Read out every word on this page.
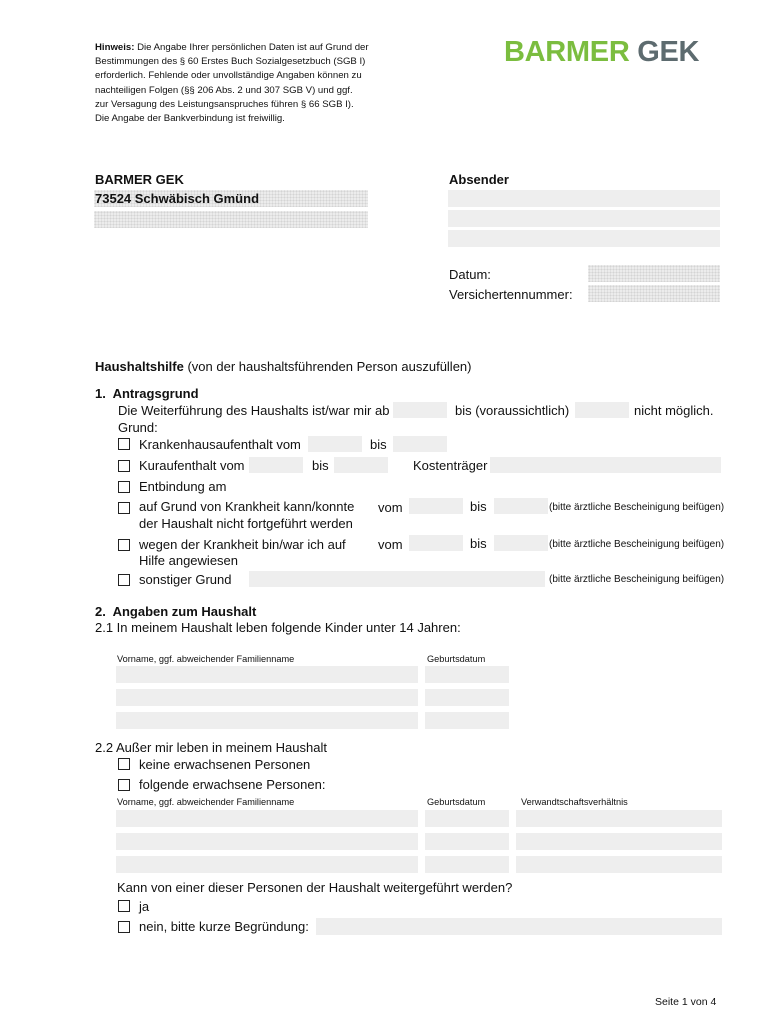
Hinweis: Die Angabe Ihrer persönlichen Daten ist auf Grund der
Bestimmungen des § 60 Erstes Buch Sozialgesetzbuch (SGB I)
erforderlich. Fehlende oder unvollständige Angaben können zu
nachteiligen Folgen (§§ 206 Abs. 2 und 307 SGB V) und ggf.
zur Versagung des Leistungsanspruches führen § 66 SGB I).
Die Angabe der Bankverbindung ist freiwillig.
BARMER GEK
BARMER GEK
73524 Schwäbisch Gmünd
Absender
Datum:
Versichertennummer:
Haushaltshilfe (von der haushaltsführenden Person auszufüllen)
1.  Antragsgrund
Die Weiterführung des Haushalts ist/war mir ab	bis (voraussichtlich)	nicht möglich.
Grund:
Krankenhausaufenthalt vom	bis
Kuraufenthalt vom	bis	Kostenträger
Entbindung am
auf Grund von Krankheit kann/konnte
der Haushalt nicht fortgeführt werden
vom	bis	(bitte ärztliche Bescheinigung beifügen)
wegen der Krankheit bin/war ich auf
Hilfe angewiesen
vom	bis	(bitte ärztliche Bescheinigung beifügen)
sonstiger Grund	(bitte ärztliche Bescheinigung beifügen)
2.  Angaben zum Haushalt
2.1 In meinem Haushalt leben folgende Kinder unter 14 Jahren:
Vorname, ggf. abweichender Familienname	Geburtsdatum
2.2 Außer mir leben in meinem Haushalt
keine erwachsenen Personen
folgende erwachsene Personen:
Vorname, ggf. abweichender Familienname	Geburtsdatum	Verwandtschaftsverhältnis
Kann von einer dieser Personen der Haushalt weitergeführt werden?
ja
nein, bitte kurze Begründung:
Seite 1 von 4
